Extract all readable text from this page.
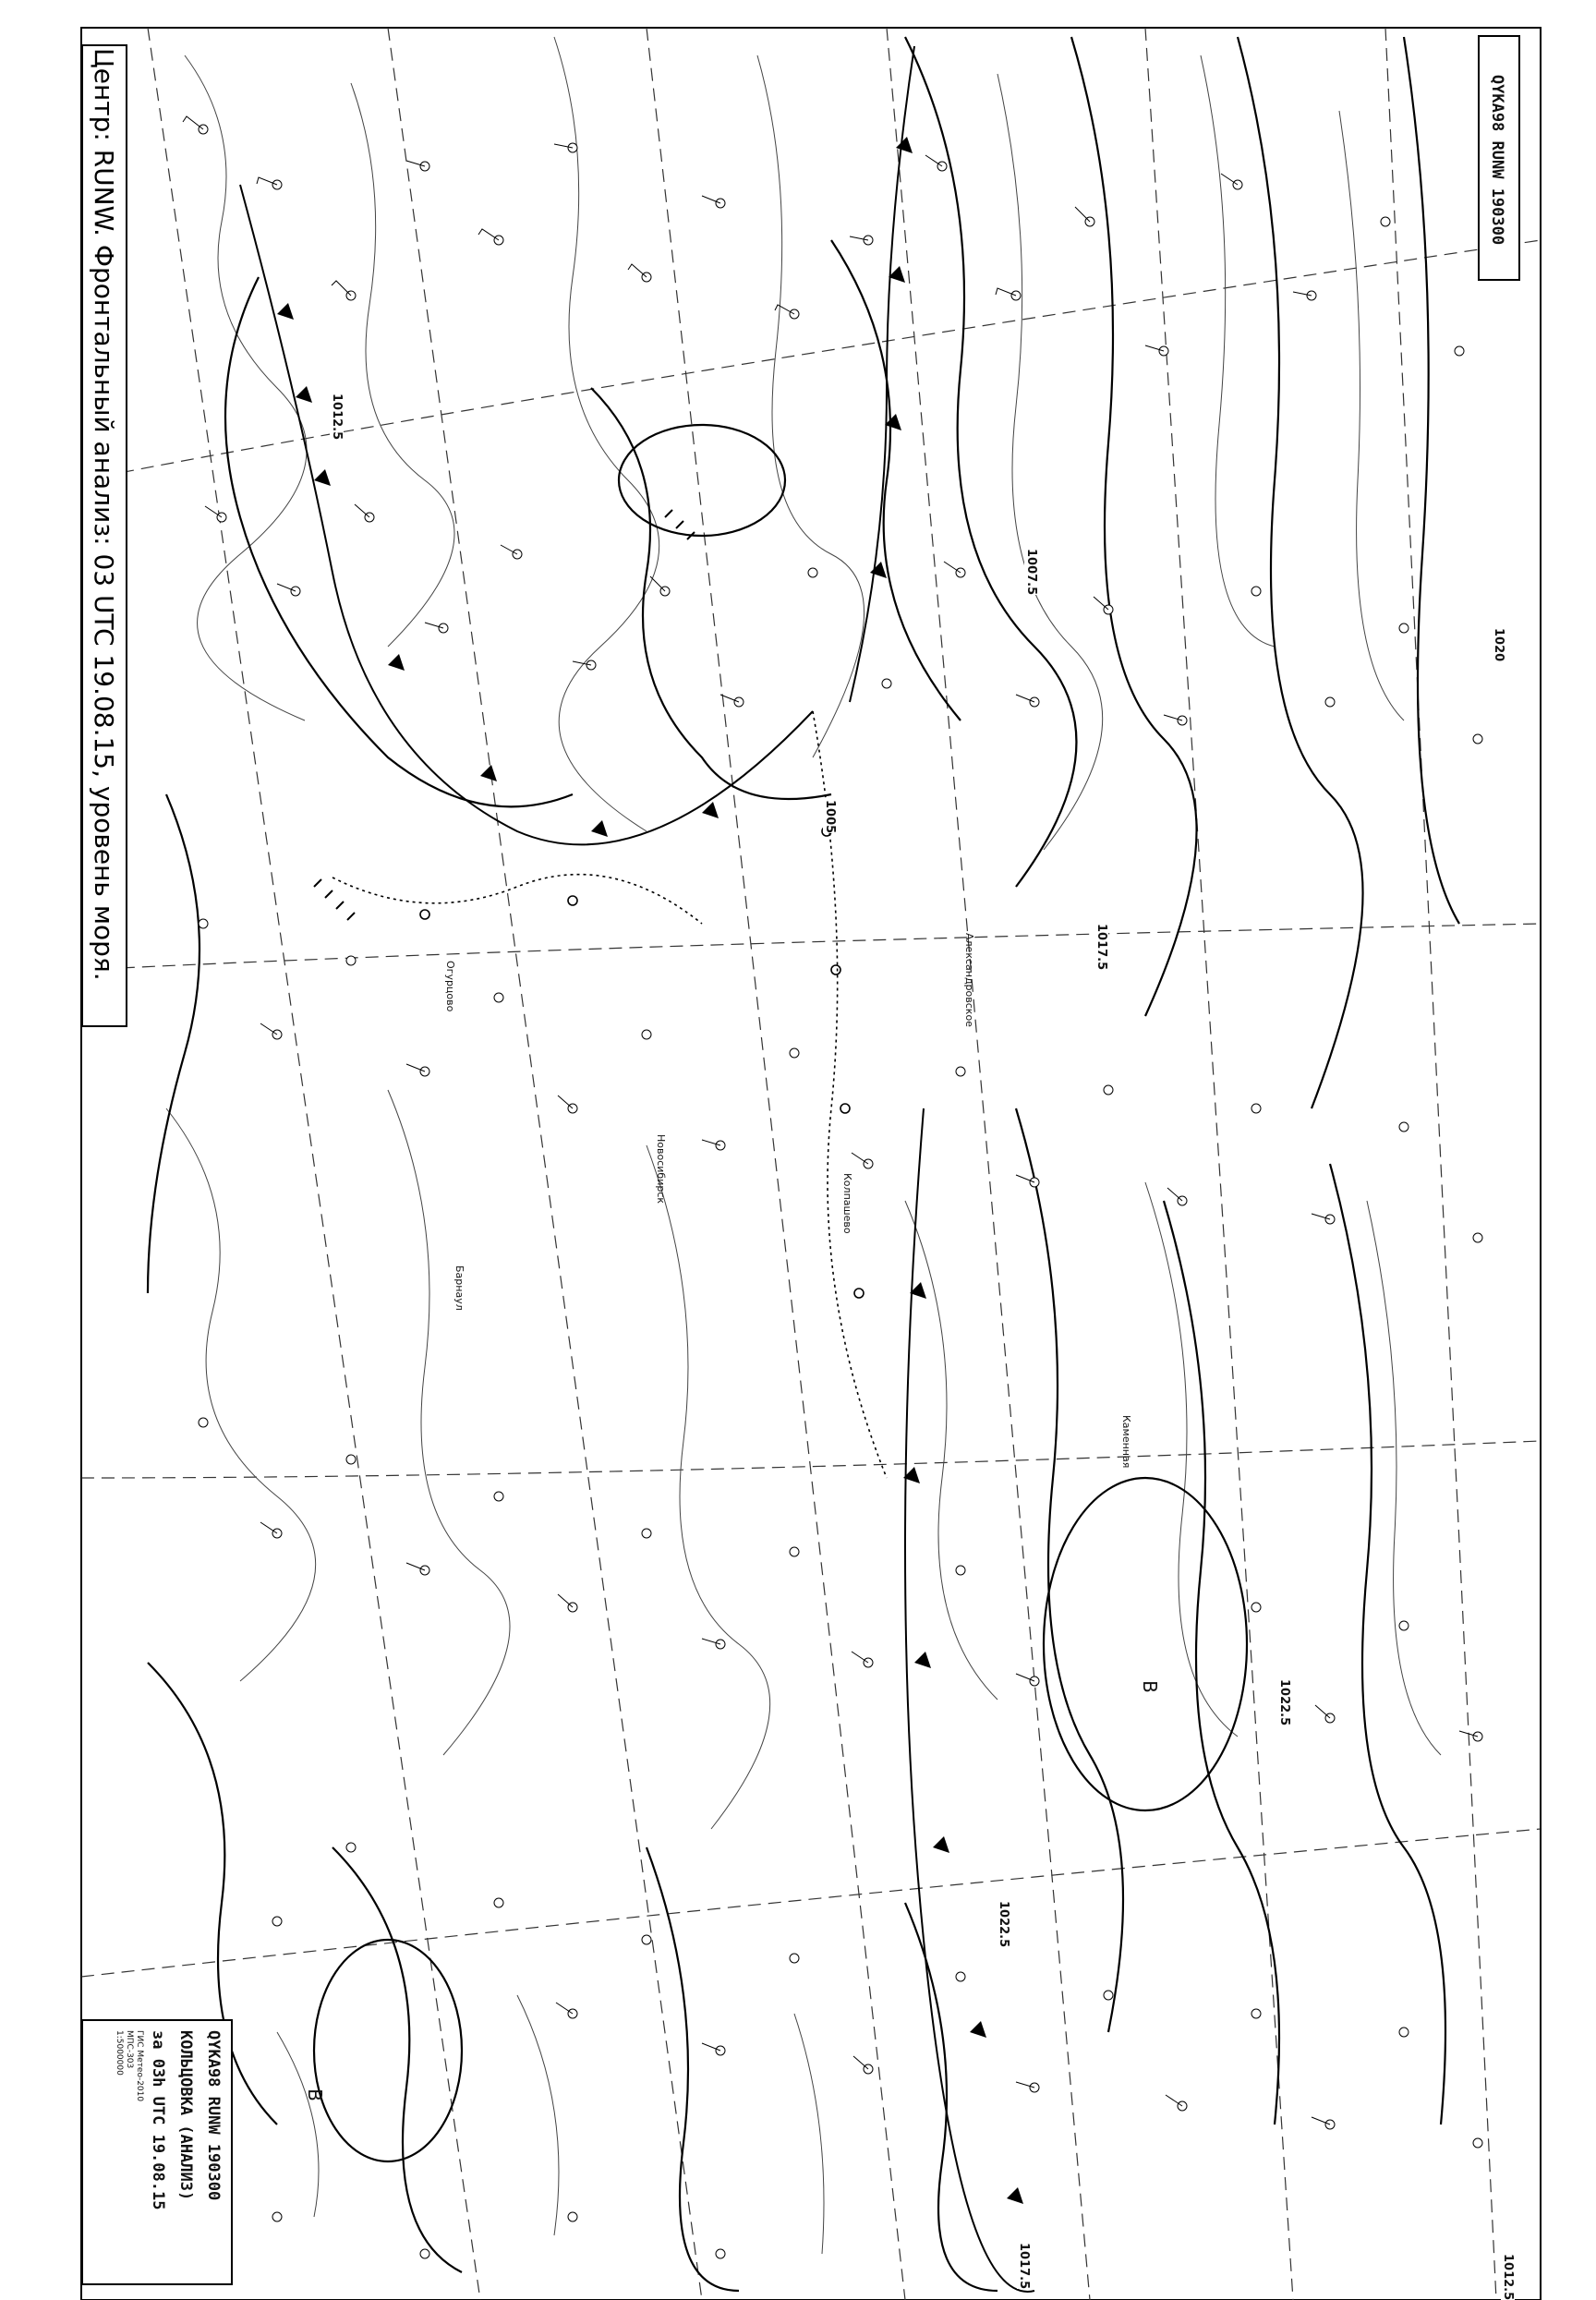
Центр: RUNW. Фронтальный анализ: 03 UTC 19.08.15, уровень моря.	QYKA98 RUNW 190300
QYKA98 RUNW 190300
КОЛЬЦОВКА (АНАЛИЗ)
за 03h UTC 19.08.15
ГИС Метео-2010
МПС-303
1:5000000
В
В
1012.5
1017.5
1005
1007.5
1022.5
1022.5
1017.5	1012.5
1020
Новосибирск
Барнаул
Александровское
Каменная
Колпашево
Огурцово
